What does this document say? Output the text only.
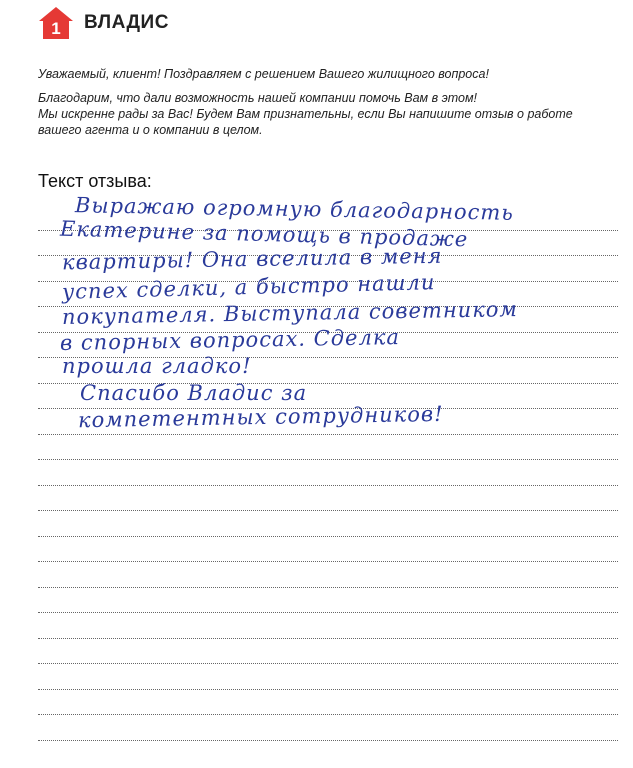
1 ВЛАДИС

Уважаемый, клиент! Поздравляем с решением Вашего жилищного вопроса!

Благодарим, что дали возможность нашей компании помочь Вам в этом!

Мы искренне рады за Вас! Будем Вам признательны, если Вы напишите отзыв о работе

вашего агента и о компании в целом.

Текст отзыва:
Выражаю огромную благодарность
Екатерине за помощь в продаже
квартиры! Она вселила в меня
успех сделки, а быстро нашли
покупателя. Выступала советником
в спорных вопросах. Сделка
прошла гладко!
Спасибо Владис за
компетентных сотрудников!
